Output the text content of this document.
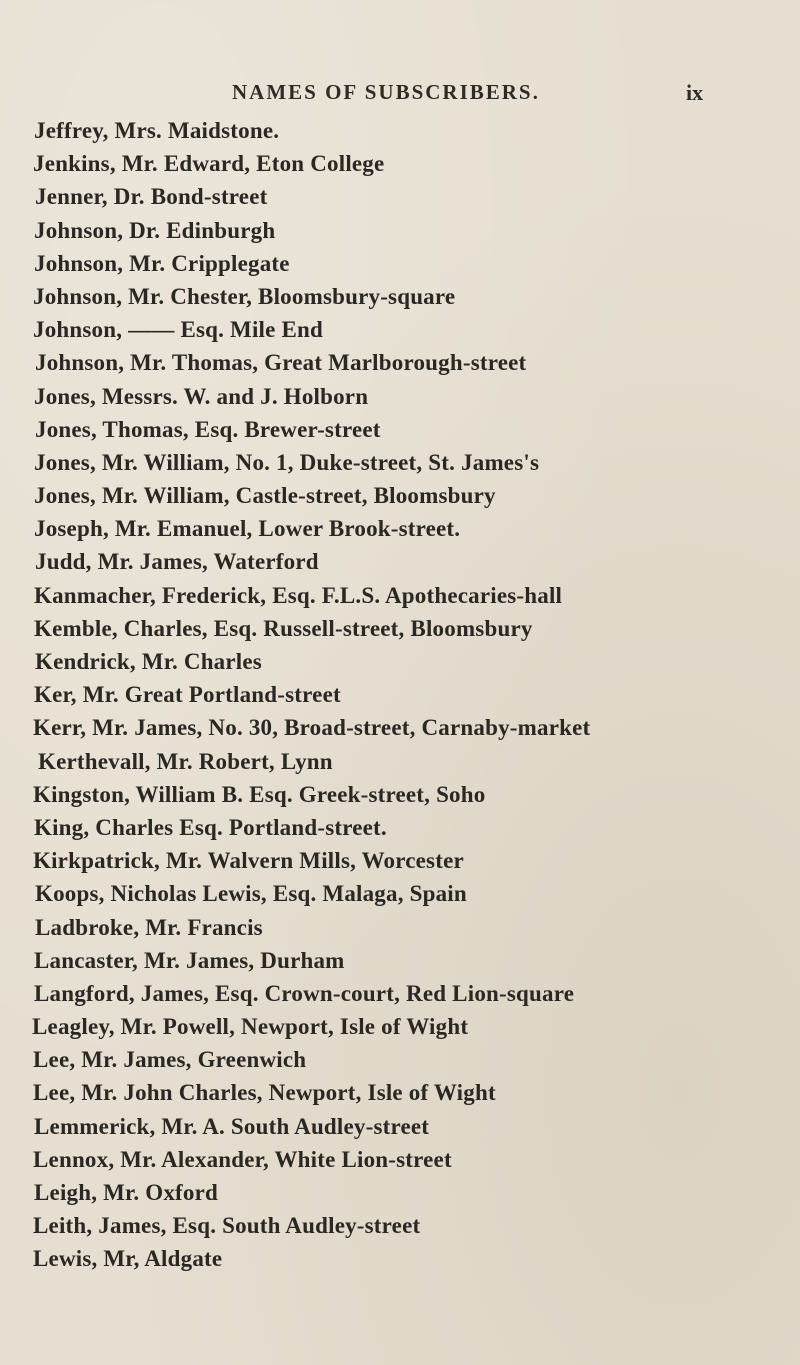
NAMES OF SUBSCRIBERS.	ix
Jeffrey, Mrs. Maidstone.
Jenkins, Mr. Edward, Eton College
Jenner, Dr. Bond-street
Johnson, Dr. Edinburgh
Johnson, Mr. Cripplegate
Johnson, Mr. Chester, Bloomsbury-square
Johnson, —— Esq. Mile End
Johnson, Mr. Thomas, Great Marlborough-street
Jones, Messrs. W. and J. Holborn
Jones, Thomas, Esq. Brewer-street
Jones, Mr. William, No. 1, Duke-street, St. James's
Jones, Mr. William, Castle-street, Bloomsbury
Joseph, Mr. Emanuel, Lower Brook-street.
Judd, Mr. James, Waterford
Kanmacher, Frederick, Esq. F.L.S. Apothecaries-hall
Kemble, Charles, Esq. Russell-street, Bloomsbury
Kendrick, Mr. Charles
Ker, Mr. Great Portland-street
Kerr, Mr. James, No. 30, Broad-street, Carnaby-market
Kerthevall, Mr. Robert, Lynn
Kingston, William B. Esq. Greek-street, Soho
King, Charles Esq. Portland-street.
Kirkpatrick, Mr. Walvern Mills, Worcester
Koops, Nicholas Lewis, Esq. Malaga, Spain
Ladbroke, Mr. Francis
Lancaster, Mr. James, Durham
Langford, James, Esq. Crown-court, Red Lion-square
Leagley, Mr. Powell, Newport, Isle of Wight
Lee, Mr. James, Greenwich
Lee, Mr. John Charles, Newport, Isle of Wight
Lemmerick, Mr. A. South Audley-street
Lennox, Mr. Alexander, White Lion-street
Leigh, Mr. Oxford
Leith, James, Esq. South Audley-street
Lewis, Mr, Aldgate
